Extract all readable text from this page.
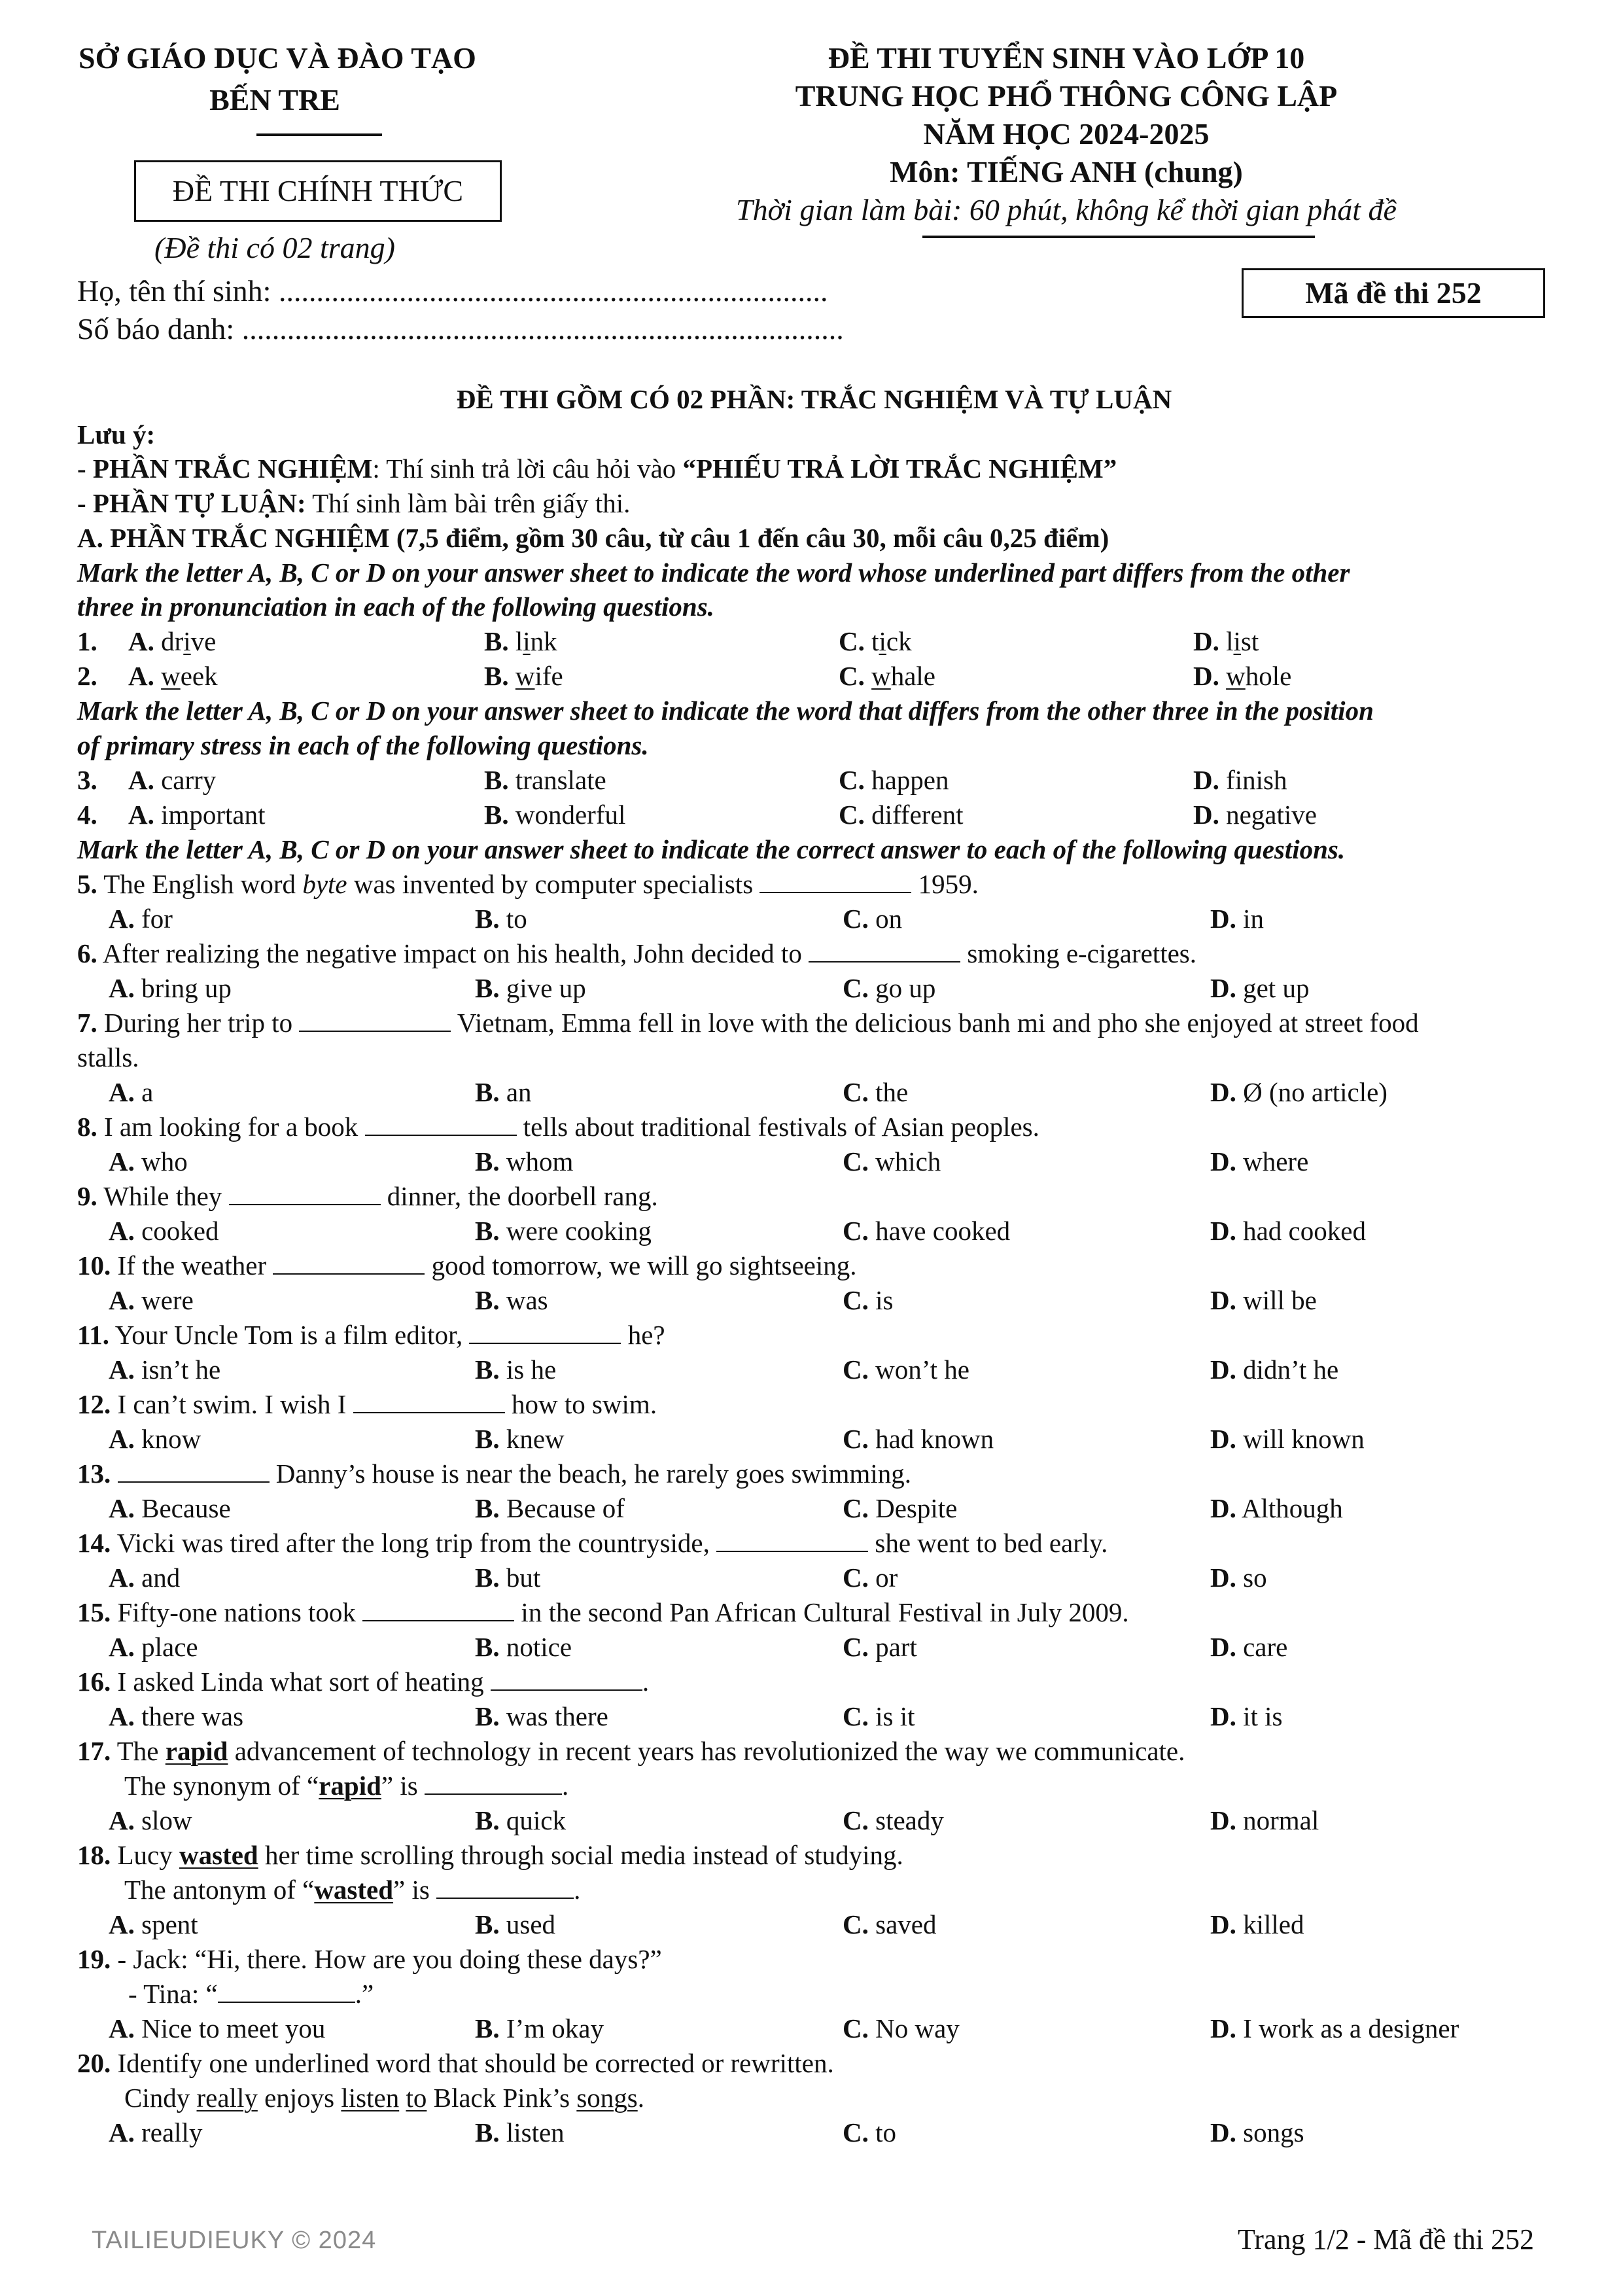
SỞ GIÁO DỤC VÀ ĐÀO TẠO
BẾN TRE
ĐỀ THI CHÍNH THỨC
(Đề thi có 02 trang)
ĐỀ THI TUYỂN SINH VÀO LỚP 10
TRUNG HỌC PHỔ THÔNG CÔNG LẬP
NĂM HỌC 2024-2025
Môn: TIẾNG ANH (chung)
Thời gian làm bài: 60 phút, không kể thời gian phát đề
Họ, tên thí sinh: .........................................................................
Số báo danh: ................................................................................
Mã đề thi 252
ĐỀ THI GỒM CÓ 02 PHẦN: TRẮC NGHIỆM VÀ TỰ LUẬN
Lưu ý:
- PHẦN TRẮC NGHIỆM: Thí sinh trả lời câu hỏi vào “PHIẾU TRẢ LỜI TRẮC NGHIỆM”
- PHẦN TỰ LUẬN: Thí sinh làm bài trên giấy thi.
A. PHẦN TRẮC NGHIỆM (7,5 điểm, gồm 30 câu, từ câu 1 đến câu 30, mỗi câu 0,25 điểm)
Mark the letter A, B, C or D on your answer sheet to indicate the word whose underlined part differs from the other
three in pronunciation in each of the following questions.
1. A. drive	B. link	C. tick	D. list
2. A. week	B. wife	C. whale	D. whole
Mark the letter A, B, C or D on your answer sheet to indicate the word that differs from the other three in the position
of primary stress in each of the following questions.
3. A. carry	B. translate	C. happen	D. finish
4. A. important	B. wonderful	C. different	D. negative
Mark the letter A, B, C or D on your answer sheet to indicate the correct answer to each of the following questions.
5. The English word byte was invented by computer specialists	1959.
A. for	B. to	C. on	D. in
6. After realizing the negative impact on his health, John decided to	smoking e-cigarettes.
A. bring up	B. give up	C. go up	D. get up
7. During her trip to	Vietnam, Emma fell in love with the delicious banh mi and pho she enjoyed at street food
stalls.
A. a	B. an	C. the	D. Ø (no article)
8. I am looking for a book	tells about traditional festivals of Asian peoples.
A. who	B. whom	C. which	D. where
9. While they	dinner, the doorbell rang.
A. cooked	B. were cooking	C. have cooked	D. had cooked
10. If the weather	good tomorrow, we will go sightseeing.
A. were	B. was	C. is	D. will be
11. Your Uncle Tom is a film editor,	he?
A. isn’t he	B. is he	C. won’t he	D. didn’t he
12. I can’t swim. I wish I	how to swim.
A. know	B. knew	C. had known	D. will known
13.	Danny’s house is near the beach, he rarely goes swimming.
A. Because	B. Because of	C. Despite	D. Although
14. Vicki was tired after the long trip from the countryside,	she went to bed early.
A. and	B. but	C. or	D. so
15. Fifty-one nations took	in the second Pan African Cultural Festival in July 2009.
A. place	B. notice	C. part	D. care
16. I asked Linda what sort of heating	.
A. there was	B. was there	C. is it	D. it is
17. The rapid advancement of technology in recent years has revolutionized the way we communicate.
The synonym of “rapid” is	.
A. slow	B. quick	C. steady	D. normal
18. Lucy wasted her time scrolling through social media instead of studying.
The antonym of “wasted” is	.
A. spent	B. used	C. saved	D. killed
19. - Jack: “Hi, there. How are you doing these days?”
- Tina: “	.”
A. Nice to meet you	B. I’m okay	C. No way	D. I work as a designer
20. Identify one underlined word that should be corrected or rewritten.
Cindy really enjoys listen to Black Pink’s songs.
A. really	B. listen	C. to	D. songs
TAILIEUDIEUKY © 2024	Trang 1/2 - Mã đề thi 252
